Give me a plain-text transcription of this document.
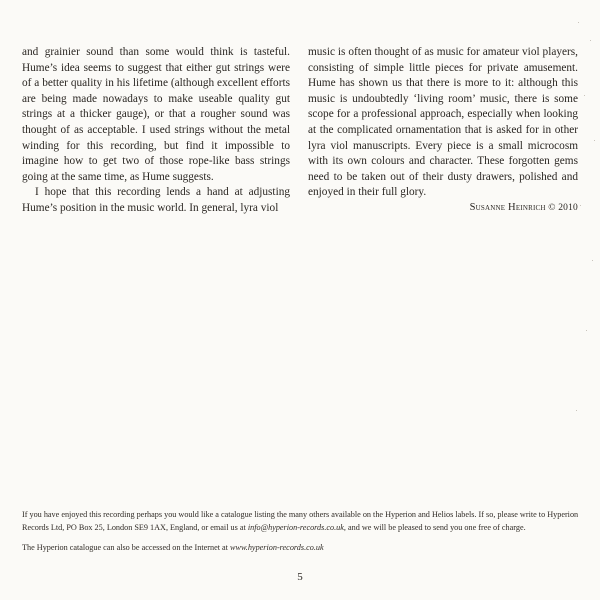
and grainier sound than some would think is tasteful. Hume’s idea seems to suggest that either gut strings were of a better quality in his lifetime (although excellent efforts are being made nowadays to make useable quality gut strings at a thicker gauge), or that a rougher sound was thought of as acceptable. I used strings without the metal winding for this recording, but find it impossible to imagine how to get two of those rope-like bass strings going at the same time, as Hume suggests.

I hope that this recording lends a hand at adjusting Hume’s position in the music world. In general, lyra viol

music is often thought of as music for amateur viol players, consisting of simple little pieces for private amusement. Hume has shown us that there is more to it: although this music is undoubtedly ‘living room’ music, there is some scope for a professional approach, especially when looking at the complicated ornamentation that is asked for in other lyra viol manuscripts. Every piece is a small microcosm with its own colours and character. These forgotten gems need to be taken out of their dusty drawers, polished and enjoyed in their full glory.

Susanne Heinrich © 2010

If you have enjoyed this recording perhaps you would like a catalogue listing the many others available on the Hyperion and Helios labels. If so, please write to Hyperion Records Ltd, PO Box 25, London SE9 1AX, England, or email us at info@hyperion-records.co.uk, and we will be pleased to send you one free of charge.

The Hyperion catalogue can also be accessed on the Internet at www.hyperion-records.co.uk

5
